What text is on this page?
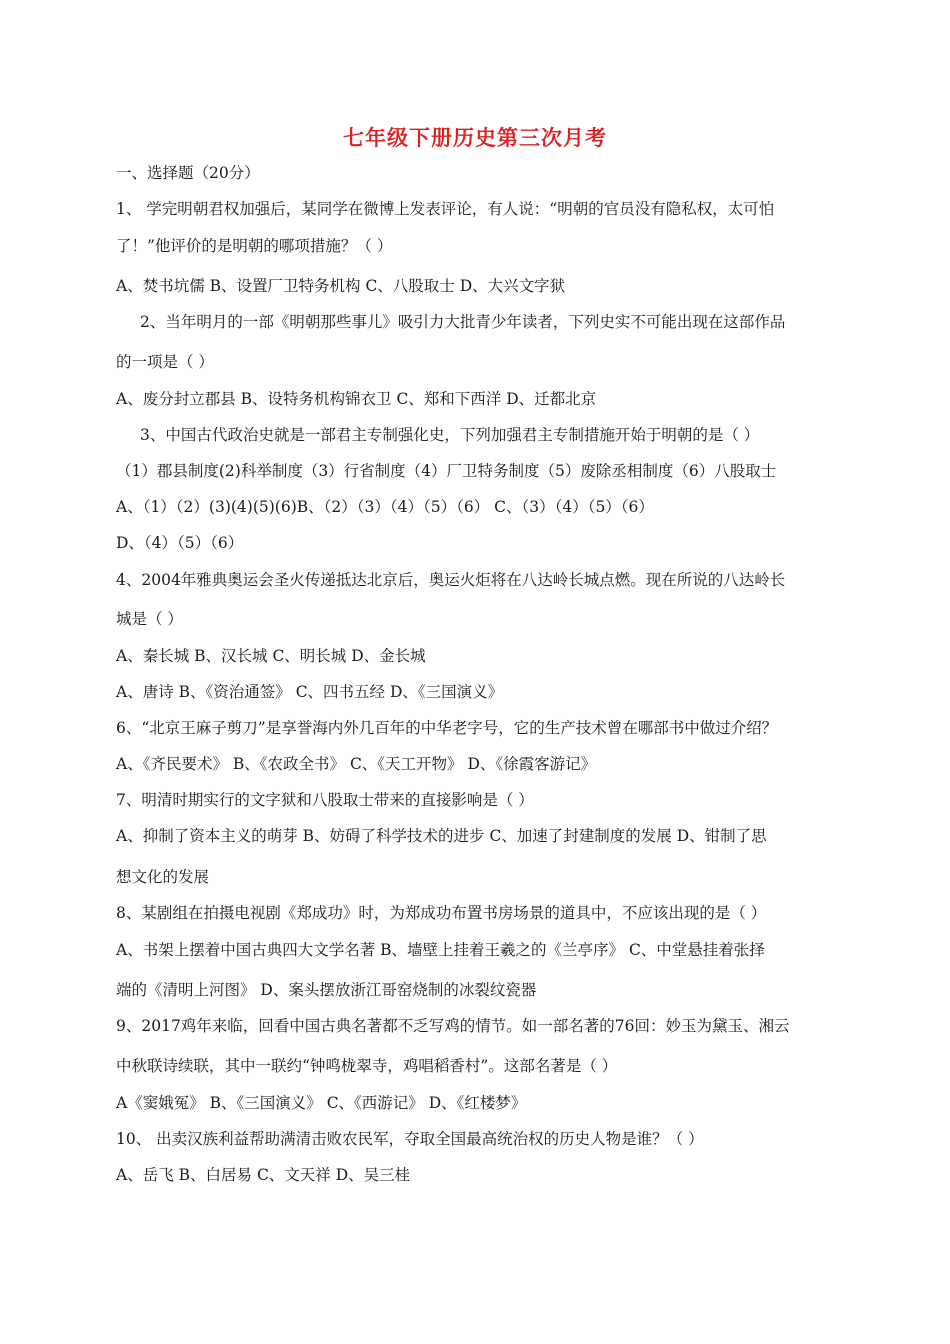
七年级下册历史第三次月考
一、选择题（20分）
1、 学完明朝君权加强后，某同学在微博上发表评论，有人说：“明朝的官员没有隐私权，太可怕
了！”他评价的是明朝的哪项措施？（ ）
A、焚书坑儒 B、设置厂卫特务机构 C、八股取士 D、大兴文字狱
2、当年明月的一部《明朝那些事儿》吸引力大批青少年读者，下列史实不可能出现在这部作品
的一项是（ ）
A、废分封立郡县 B、设特务机构锦衣卫 C、郑和下西洋 D、迁都北京
3、中国古代政治史就是一部君主专制强化史，下列加强君主专制措施开始于明朝的是（ ）
（1）郡县制度(2)科举制度（3）行省制度（4）厂卫特务制度（5）废除丞相制度（6）八股取士
A、（1）（2）(3)(4)(5)(6)B、（2）（3）（4）（5）（6） C、（3）（4）（5）（6）
D、（4）（5）（6）
4、2004年雅典奥运会圣火传递抵达北京后，奥运火炬将在八达岭长城点燃。现在所说的八达岭长
城是（ ）
A、秦长城 B、汉长城 C、明长城 D、金长城
A、唐诗 B、《资治通签》 C、四书五经 D、《三国演义》
6、“北京王麻子剪刀”是享誉海内外几百年的中华老字号，它的生产技术曾在哪部书中做过介绍？
A、《齐民要术》 B、《农政全书》 C、《天工开物》 D、《徐霞客游记》
7、明清时期实行的文字狱和八股取士带来的直接影响是（ ）
A、抑制了资本主义的萌芽 B、妨碍了科学技术的进步 C、加速了封建制度的发展 D、钳制了思
想文化的发展
8、某剧组在拍摄电视剧《郑成功》时，为郑成功布置书房场景的道具中，不应该出现的是（ ）
A、书架上摆着中国古典四大文学名著 B、墙壁上挂着王羲之的《兰亭序》 C、中堂悬挂着张择
端的《清明上河图》 D、案头摆放浙江哥窑烧制的冰裂纹瓷器
9、2017鸡年来临，回看中国古典名著都不乏写鸡的情节。如一部名著的76回：妙玉为黛玉、湘云
中秋联诗续联，其中一联约“钟鸣栊翠寺，鸡唱稻香村”。这部名著是（ ）
A《窦娥冤》 B、《三国演义》 C、《西游记》 D、《红楼梦》
10、 出卖汉族利益帮助满清击败农民军，夺取全国最高统治权的历史人物是谁？（ ）
A、岳飞 B、白居易 C、文天祥 D、吴三桂
